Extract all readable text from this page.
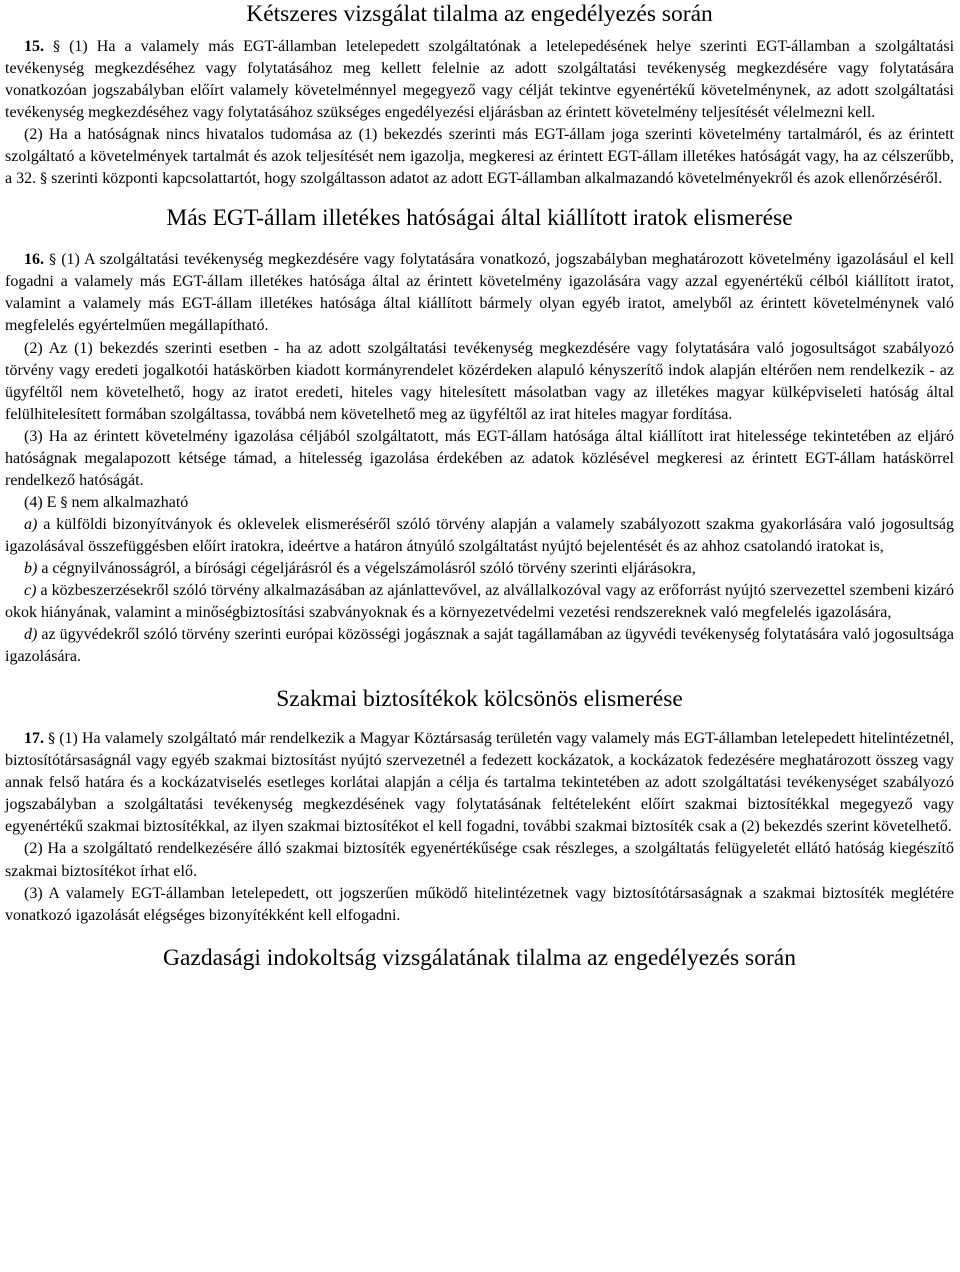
Kétszeres vizsgálat tilalma az engedélyezés során

15. § (1) Ha a valamely más EGT-államban letelepedett szolgáltatónak a letelepedésének helye szerinti EGT-államban a szolgáltatási tevékenység megkezdéséhez vagy folytatásához meg kellett felelnie az adott szolgáltatási tevékenység megkezdésére vagy folytatására vonatkozóan jogszabályban előírt valamely követelménnyel megegyező vagy célját tekintve egyenértékű követelménynek, az adott szolgáltatási tevékenység megkezdéséhez vagy folytatásához szükséges engedélyezési eljárásban az érintett követelmény teljesítését vélelmezni kell.

(2) Ha a hatóságnak nincs hivatalos tudomása az (1) bekezdés szerinti más EGT-állam joga szerinti követelmény tartalmáról, és az érintett szolgáltató a követelmények tartalmát és azok teljesítését nem igazolja, megkeresi az érintett EGT-állam illetékes hatóságát vagy, ha az célszerűbb, a 32. § szerinti központi kapcsolattartót, hogy szolgáltasson adatot az adott EGT-államban alkalmazandó követelményekről és azok ellenőrzéséről.

Más EGT-állam illetékes hatóságai által kiállított iratok elismerése

16. § (1) A szolgáltatási tevékenység megkezdésére vagy folytatására vonatkozó, jogszabályban meghatározott követelmény igazolásául el kell fogadni a valamely más EGT-állam illetékes hatósága által az érintett követelmény igazolására vagy azzal egyenértékű célból kiállított iratot, valamint a valamely más EGT-állam illetékes hatósága által kiállított bármely olyan egyéb iratot, amelyből az érintett követelménynek való megfelelés egyértelműen megállapítható.

(2) Az (1) bekezdés szerinti esetben - ha az adott szolgáltatási tevékenység megkezdésére vagy folytatására való jogosultságot szabályozó törvény vagy eredeti jogalkotói hatáskörben kiadott kormányrendelet közérdeken alapuló kényszerítő indok alapján eltérően nem rendelkezik - az ügyféltől nem követelhető, hogy az iratot eredeti, hiteles vagy hitelesített másolatban vagy az illetékes magyar külképviseleti hatóság által felülhitelesített formában szolgáltassa, továbbá nem követelhető meg az ügyféltől az irat hiteles magyar fordítása.

(3) Ha az érintett követelmény igazolása céljából szolgáltatott, más EGT-állam hatósága által kiállított irat hitelessége tekintetében az eljáró hatóságnak megalapozott kétsége támad, a hitelesség igazolása érdekében az adatok közlésével megkeresi az érintett EGT-állam hatáskörrel rendelkező hatóságát.

(4) E § nem alkalmazható

a) a külföldi bizonyítványok és oklevelek elismeréséről szóló törvény alapján a valamely szabályozott szakma gyakorlására való jogosultság igazolásával összefüggésben előírt iratokra, ideértve a határon átnyúló szolgáltatást nyújtó bejelentését és az ahhoz csatolandó iratokat is,

b) a cégnyilvánosságról, a bírósági cégeljárásról és a végelszámolásról szóló törvény szerinti eljárásokra,

c) a közbeszerzésekről szóló törvény alkalmazásában az ajánlattevővel, az alvállalkozóval vagy az erőforrást nyújtó szervezettel szembeni kizáró okok hiányának, valamint a minőségbiztosítási szabványoknak és a környezetvédelmi vezetési rendszereknek való megfelelés igazolására,

d) az ügyvédekről szóló törvény szerinti európai közösségi jogásznak a saját tagállamában az ügyvédi tevékenység folytatására való jogosultsága igazolására.

Szakmai biztosítékok kölcsönös elismerése

17. § (1) Ha valamely szolgáltató már rendelkezik a Magyar Köztársaság területén vagy valamely más EGT-államban letelepedett hitelintézetnél, biztosítótársaságnál vagy egyéb szakmai biztosítást nyújtó szervezetnél a fedezett kockázatok, a kockázatok fedezésére meghatározott összeg vagy annak felső határa és a kockázatviselés esetleges korlátai alapján a célja és tartalma tekintetében az adott szolgáltatási tevékenységet szabályozó jogszabályban a szolgáltatási tevékenység megkezdésének vagy folytatásának feltételeként előírt szakmai biztosítékkal megegyező vagy egyenértékű szakmai biztosítékkal, az ilyen szakmai biztosítékot el kell fogadni, további szakmai biztosíték csak a (2) bekezdés szerint követelhető.

(2) Ha a szolgáltató rendelkezésére álló szakmai biztosíték egyenértékűsége csak részleges, a szolgáltatás felügyeletét ellátó hatóság kiegészítő szakmai biztosítékot írhat elő.

(3) A valamely EGT-államban letelepedett, ott jogszerűen működő hitelintézetnek vagy biztosítótársaságnak a szakmai biztosíték meglétére vonatkozó igazolását elégséges bizonyítékként kell elfogadni.

Gazdasági indokoltság vizsgálatának tilalma az engedélyezés során
